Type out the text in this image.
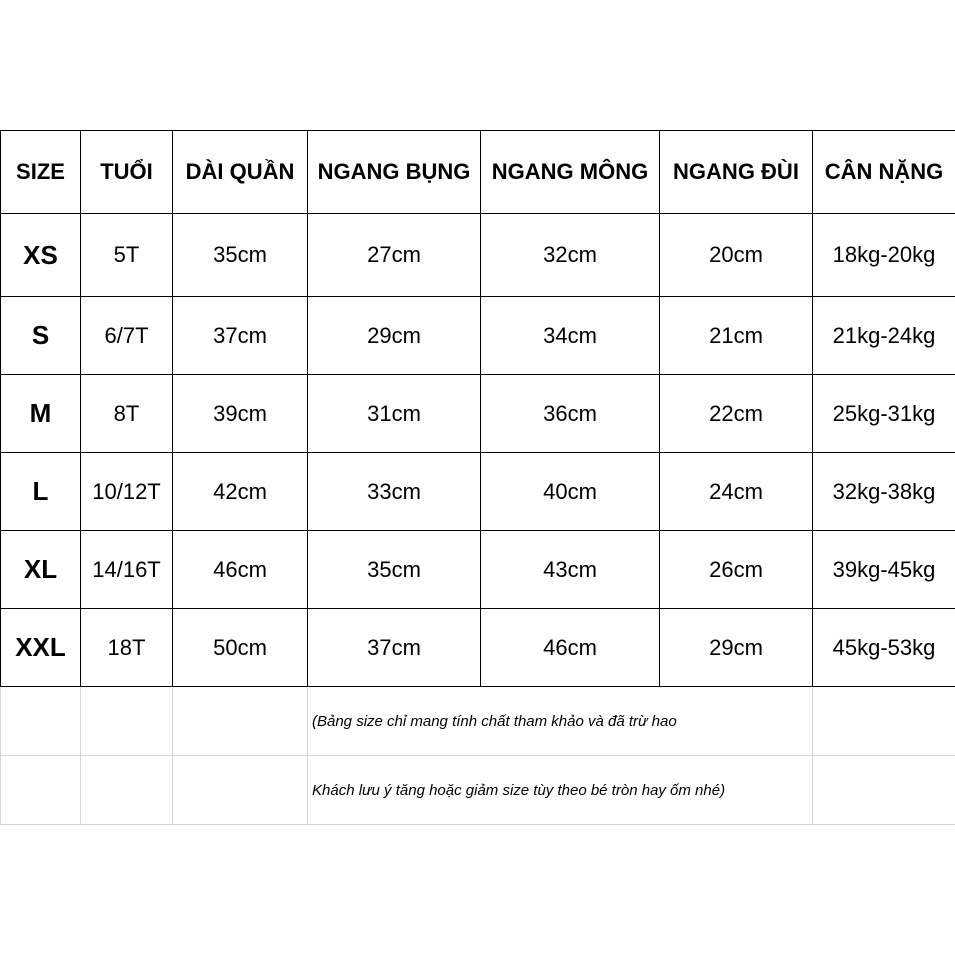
SIZE	TUỔI	DÀI QUẦN	NGANG BỤNG	NGANG MÔNG	NGANG ĐÙI	CÂN NẶNG
XS	5T	35cm	27cm	32cm	20cm	18kg-20kg
S	6/7T	37cm	29cm	34cm	21cm	21kg-24kg
M	8T	39cm	31cm	36cm	22cm	25kg-31kg
L	10/12T	42cm	33cm	40cm	24cm	32kg-38kg
XL	14/16T	46cm	35cm	43cm	26cm	39kg-45kg
XXL	18T	50cm	37cm	46cm	29cm	45kg-53kg
			(Bảng size chỉ mang tính chất tham khảo và đã trừ hao			
			Khách lưu ý tăng hoặc giảm size tùy theo bé tròn hay ốm nhé)			
